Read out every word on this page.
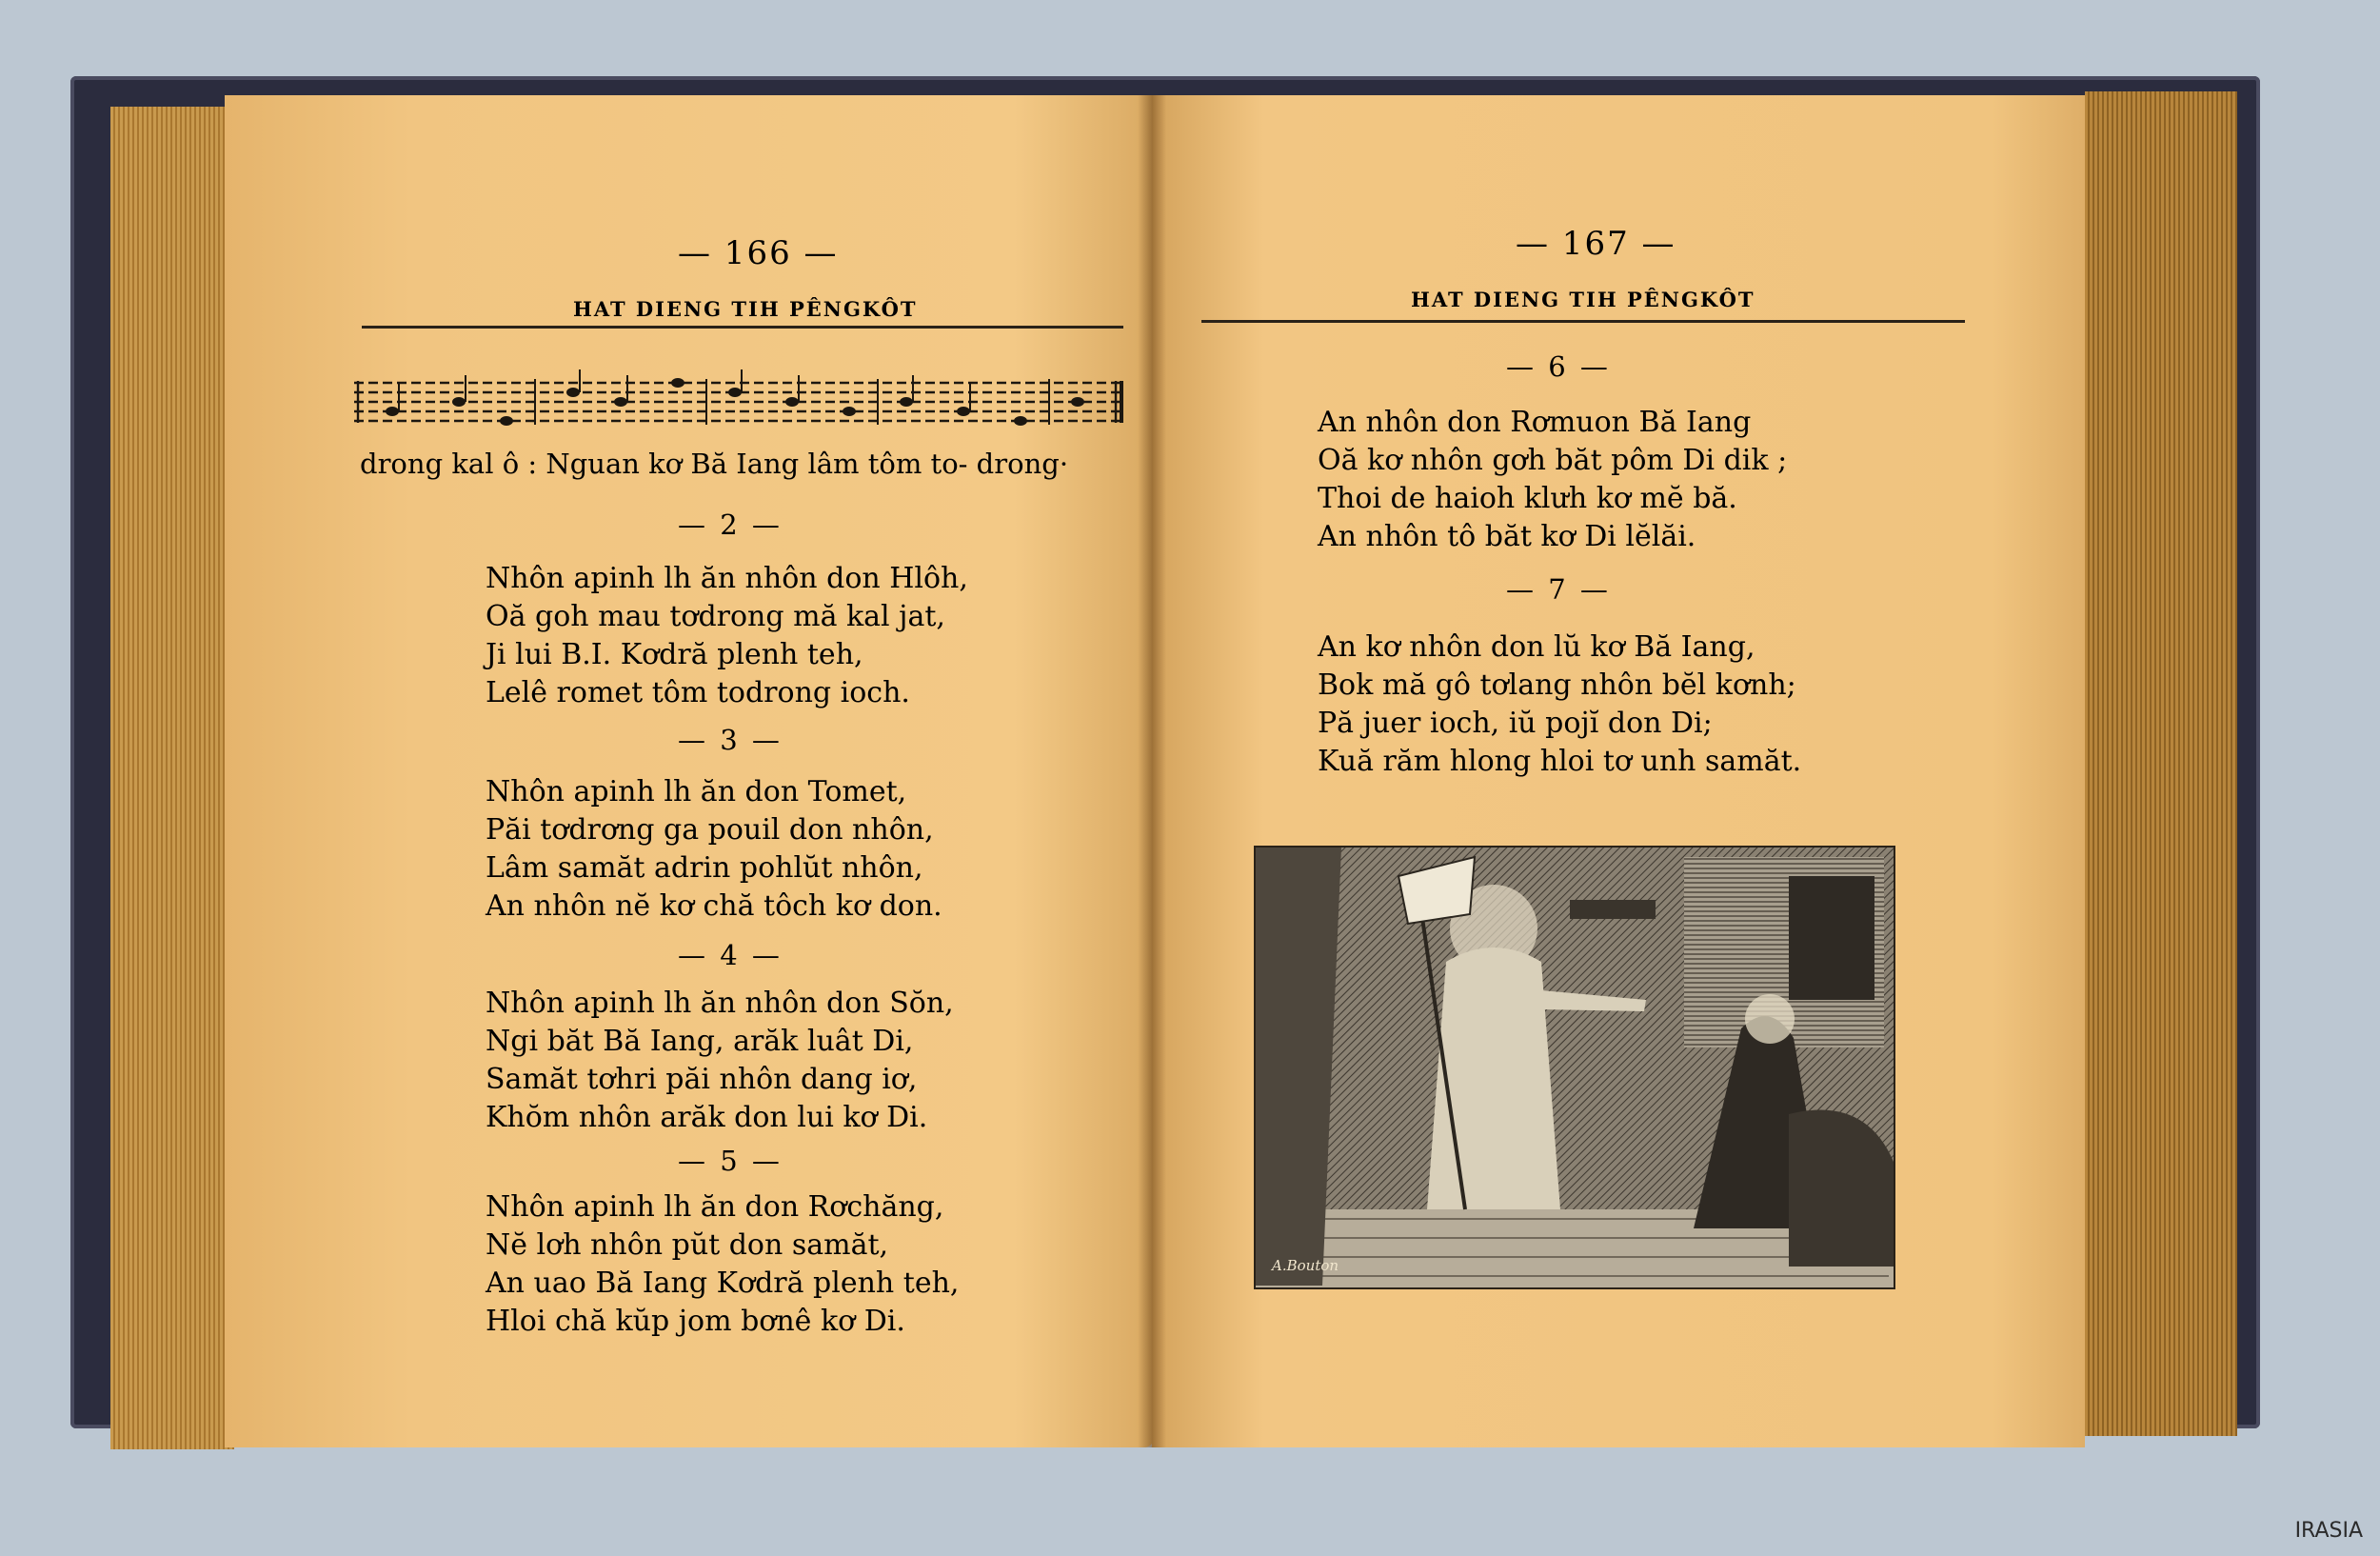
— 166 —
HAT DIENG TIH PÊNGKÔT
drong kal ô : Nguan kơ Bă Iang lâm tôm to- drong·
— 2 —
Nhôn apinh lh ăn nhôn don Hlôh,
Oă goh mau tơdrong mă kal jat,
Ji lui B.I. Kơdră plenh teh,
Lelê romet tôm todrong ioch.
— 3 —
Nhôn apinh lh ăn don Tomet,
Păi tơdrơng ga pouil don nhôn,
Lâm samăt adrin pohlŭt nhôn,
An nhôn nĕ kơ chă tôch kơ don.
— 4 —
Nhôn apinh lh ăn nhôn don Sŏn,
Ngi băt Bă Iang, arăk luât Di,
Samăt tơhri păi nhôn dang iơ,
Khŏm nhôn arăk don lui kơ Di.
— 5 —
Nhôn apinh lh ăn don Rơchăng,
Nĕ lơh nhôn pŭt don samăt,
An uao Bă Iang Kơdră plenh teh,
Hloi chă kŭp jom bơnê kơ Di.
— 167 —
HAT DIENG TIH PÊNGKÔT
— 6 —
An nhôn don Rơmuon Bă Iang
Oă kơ nhôn gơh băt pôm Di dik ;
Thoi de haioh klưh kơ mĕ bă.
An nhôn tô băt kơ Di lĕlăi.
— 7 —
An kơ nhôn don lŭ kơ Bă Iang,
Bok mă gô tơlang nhôn bĕl kơnh;
Pă juer ioch, iŭ pojĭ don Di;
Kuă răm hlong hloi tơ unh samăt.
A.Bouton
IRASIA
